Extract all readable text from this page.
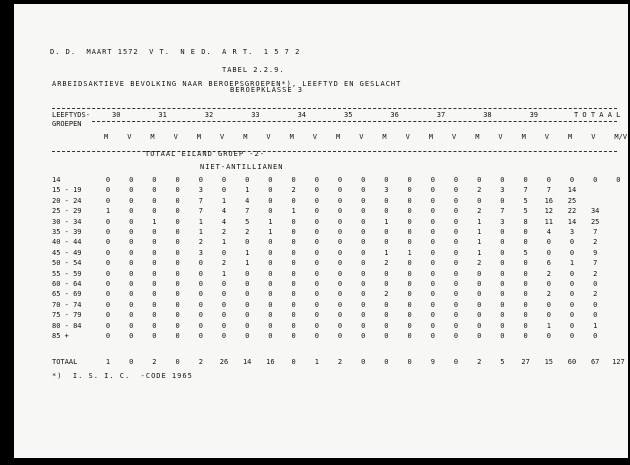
D. D.  MAART 1572  V T.  N E D.  A R T.  1 5 7 2
TABEL 2.2.9.
ARBEIDSAKTIEVE BEVOLKING NAAR BEROEPSGROEPEN*), LEEFTYD EN GESLACHT
BEROEPKLASSE 3
LEEFTYDS-
GROEPEN
30	31	32	33	34	35	36	37	38	39	T O T A A L
M	V	M	V	M	V	M	V	M	V	M	V	M	V	M	V	M	V	M	V	M	V	M/V
TOTAAL EILAND GROEP -2-
NIET-ANTILLIANEN
14	0	0	0	0	0	0	0	0	0	0	0	0	0	0	0	0	0	0	0	0	0	0	0
15 - 19	0	0	0	0	3	0	1	0	2	0	0	0	3	0	0	0	2	3	7	7	14
20 - 24	0	0	0	0	7	1	4	0	0	0	0	0	0	0	0	0	0	0	5	16	25
25 - 29	1	0	0	0	7	4	7	0	1	0	0	0	0	0	0	0	2	7	5	12	22	34
30 - 34	0	0	1	0	1	4	5	1	0	0	0	0	1	0	0	0	1	3	8	11	14	25
35 - 39	0	0	0	0	1	2	2	1	0	0	0	0	0	0	0	0	1	0	0	4	3	7
40 - 44	0	0	0	0	2	1	0	0	0	0	0	0	0	0	0	0	1	0	0	0	0	2
45 - 49	0	0	0	0	3	0	1	0	0	0	0	0	1	1	0	0	1	0	5	0	0	9
50 - 54	0	0	0	0	0	2	1	0	0	0	0	0	2	0	0	0	2	0	0	6	1	7
55 - 59	0	0	0	0	0	1	0	0	0	0	0	0	0	0	0	0	0	0	0	2	0	2
60 - 64	0	0	0	0	0	0	0	0	0	0	0	0	0	0	0	0	0	0	0	0	0	0
65 - 69	0	0	0	0	0	0	0	0	0	0	0	0	2	0	0	0	0	0	0	2	0	2
70 - 74	0	0	0	0	0	0	0	0	0	0	0	0	0	0	0	0	0	0	0	0	0	0
75 - 79	0	0	0	0	0	0	0	0	0	0	0	0	0	0	0	0	0	0	0	0	0	0
80 - 84	0	0	0	0	0	0	0	0	0	0	0	0	0	0	0	0	0	0	0	1	0	1
85 +	0	0	0	0	0	0	0	0	0	0	0	0	0	0	0	0	0	0	0	0	0	0
TOTAAL	1	0	2	0	2	26	14	16	0	1	2	0	0	0	9	0	2	5	27	15	60	67	127
*)  I. S. I. C.  -CODE 1965
